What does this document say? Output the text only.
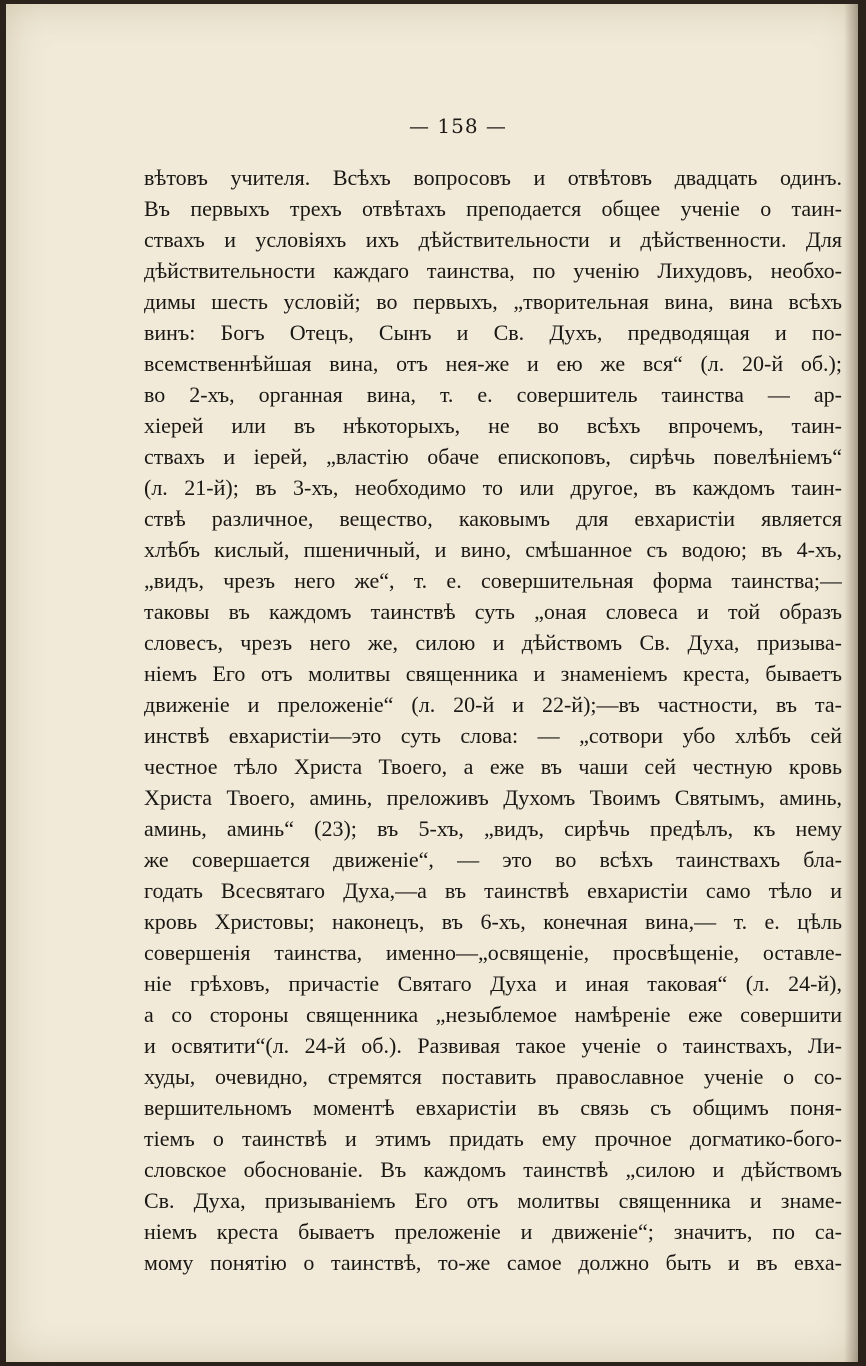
— 158 —
вѣтовъ учителя. Всѣхъ вопросовъ и отвѣтовъ двадцать одинъ.
Въ первыхъ трехъ отвѣтахъ преподается общее ученіе о таин-
ствахъ и условіяхъ ихъ дѣйствительности и дѣйственности. Для
дѣйствительности каждаго таинства, по ученію Лихудовъ, необхо-
димы шесть условій; во первыхъ, „творительная вина, вина всѣхъ
винъ: Богъ Отецъ, Сынъ и Св. Духъ, предводящая и по-
всемственнѣйшая вина, отъ нея-же и ею же вся“ (л. 20-й об.);
во 2-хъ, органная вина, т. е. совершитель таинства — ар-
хіерей или въ нѣкоторыхъ, не во всѣхъ впрочемъ, таин-
ствахъ и іерей, „властію обаче епископовъ, сирѣчь повелѣніемъ“
(л. 21-й); въ 3-хъ, необходимо то или другое, въ каждомъ таин-
ствѣ различное, вещество, каковымъ для евхаристіи является
хлѣбъ кислый, пшеничный, и вино, смѣшанное съ водою; въ 4-хъ,
„видъ, чрезъ него же“, т. е. совершительная форма таинства;—
таковы въ каждомъ таинствѣ суть „оная словеса и той образъ
словесъ, чрезъ него же, силою и дѣйствомъ Св. Духа, призыва-
ніемъ Его отъ молитвы священника и знаменіемъ креста, бываетъ
движеніе и преложеніе“ (л. 20-й и 22-й);—въ частности, въ та-
инствѣ евхаристіи—это суть слова: — „сотвори убо хлѣбъ сей
честное тѣло Христа Твоего, а еже въ чаши сей честную кровь
Христа Твоего, аминь, преложивъ Духомъ Твоимъ Святымъ, аминь,
аминь, аминь“ (23); въ 5-хъ, „видъ, сирѣчь предѣлъ, къ нему
же совершается движеніе“, — это во всѣхъ таинствахъ бла-
годать Всесвятаго Духа,—а въ таинствѣ евхаристіи само тѣло и
кровь Христовы; наконецъ, въ 6-хъ, конечная вина,— т. е. цѣль
совершенія таинства, именно—„освященіе, просвѣщеніе, оставле-
ніе грѣховъ, причастіе Святаго Духа и иная таковая“ (л. 24-й),
а со стороны священника „незыблемое намѣреніе еже совершити
и освятити“(л. 24-й об.). Развивая такое ученіе о таинствахъ, Ли-
худы, очевидно, стремятся поставить православное ученіе о со-
вершительномъ моментѣ евхаристіи въ связь съ общимъ поня-
тіемъ о таинствѣ и этимъ придать ему прочное догматико-бого-
словское обоснованіе. Въ каждомъ таинствѣ „силою и дѣйствомъ
Св. Духа, призываніемъ Его отъ молитвы священника и знаме-
ніемъ креста бываетъ преложеніе и движеніе“; значитъ, по са-
мому понятію о таинствѣ, то-же самое должно быть и въ евха-
